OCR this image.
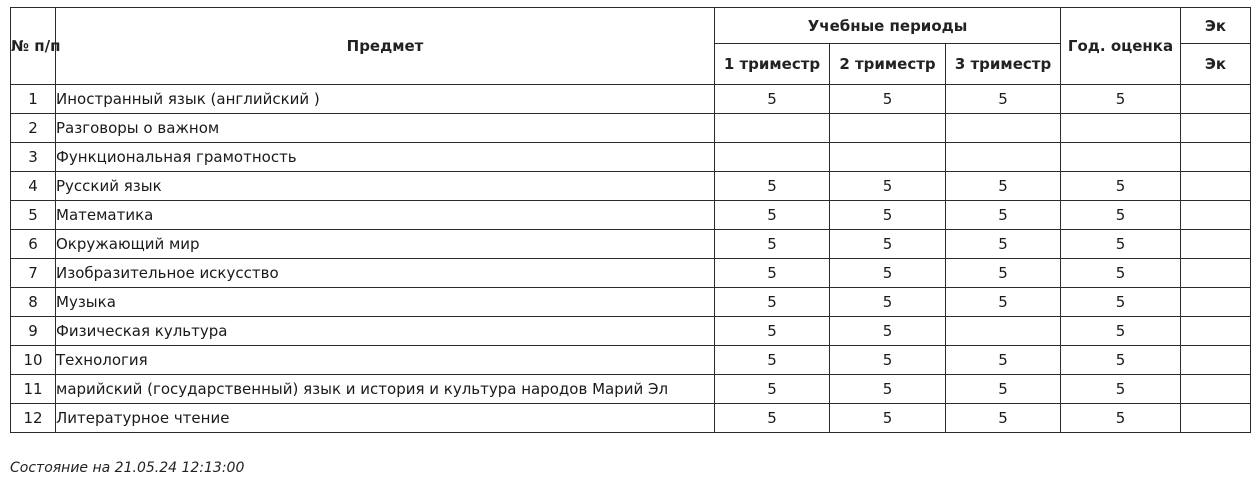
№ п/п	Предмет	Учебные периоды			Год. оценка	Эк
		1 триместр	2 триместр	3 триместр		Эк
1	Иностранный язык (английский )	5	5	5	5	
2	Разговоры о важном					
3	Функциональная грамотность					
4	Русский язык	5	5	5	5	
5	Математика	5	5	5	5	
6	Окружающий мир	5	5	5	5	
7	Изобразительное искусство	5	5	5	5	
8	Музыка	5	5	5	5	
9	Физическая культура	5	5		5	
10	Технология	5	5	5	5	
11	марийский (государственный) язык и история и культура народов Марий Эл	5	5	5	5	
12	Литературное чтение	5	5	5	5	
Состояние на 21.05.24 12:13:00
